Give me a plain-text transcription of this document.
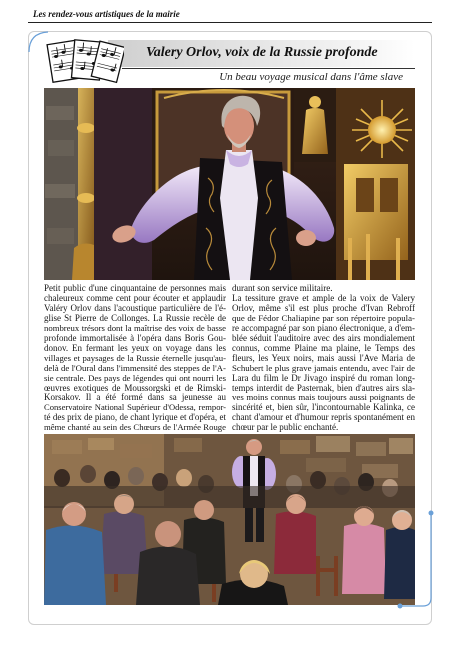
Les rendez-vous artistiques de la mairie
Valery Orlov, voix de la Russie profonde
Un beau voyage musical dans l'âme slave
Petit public d'une cinquantaine de personnes mais
chaleureux comme cent pour écouter et applaudir
Valéry Orlov dans l'acoustique particulière de l'é-
glise St Pierre de Collonges. La Russie recèle de
nombreux trésors dont la maîtrise des voix de basse
profonde immortalisée à l'opéra dans Boris Gou-
donov. En fermant les yeux on voyage dans les
villages et paysages de la Russie éternelle jusqu'au-
delà de l'Oural dans l'immensité des steppes de l'A-
sie centrale. Des pays de légendes qui ont nourri les
œuvres exotiques de Moussorgski et de Rimski-
Korsakov. Il a été formé dans sa jeunesse au
Conservatoire National Supérieur d'Odessa, rempor-
té des prix de piano, de chant lyrique et d'opéra, et
même chanté au sein des Chœurs de l'Armée Rouge
durant son service militaire.
La tessiture grave et ample de la voix de Valery
Orlov, même s'il est plus proche d'Ivan Rebroff
que de Fédor Chaliapine par son répertoire popula-
re accompagné par son piano électronique, a d'em-
blée séduit l'auditoire avec des airs mondialement
connus, comme Plaine ma plaine, le Temps des
fleurs, les Yeux noirs, mais aussi l'Ave Maria de
Schubert le plus grave jamais entendu, avec l'air de
Lara du film le Dr Jivago inspiré du roman long-
temps interdit de Pasternak, bien d'autres airs sla-
ves moins connus mais toujours aussi poignants de
sincérité et, bien sûr, l'incontournable Kalinka, ce
chant d'amour et d'humour repris spontanément en
chœur par le public enchanté.
